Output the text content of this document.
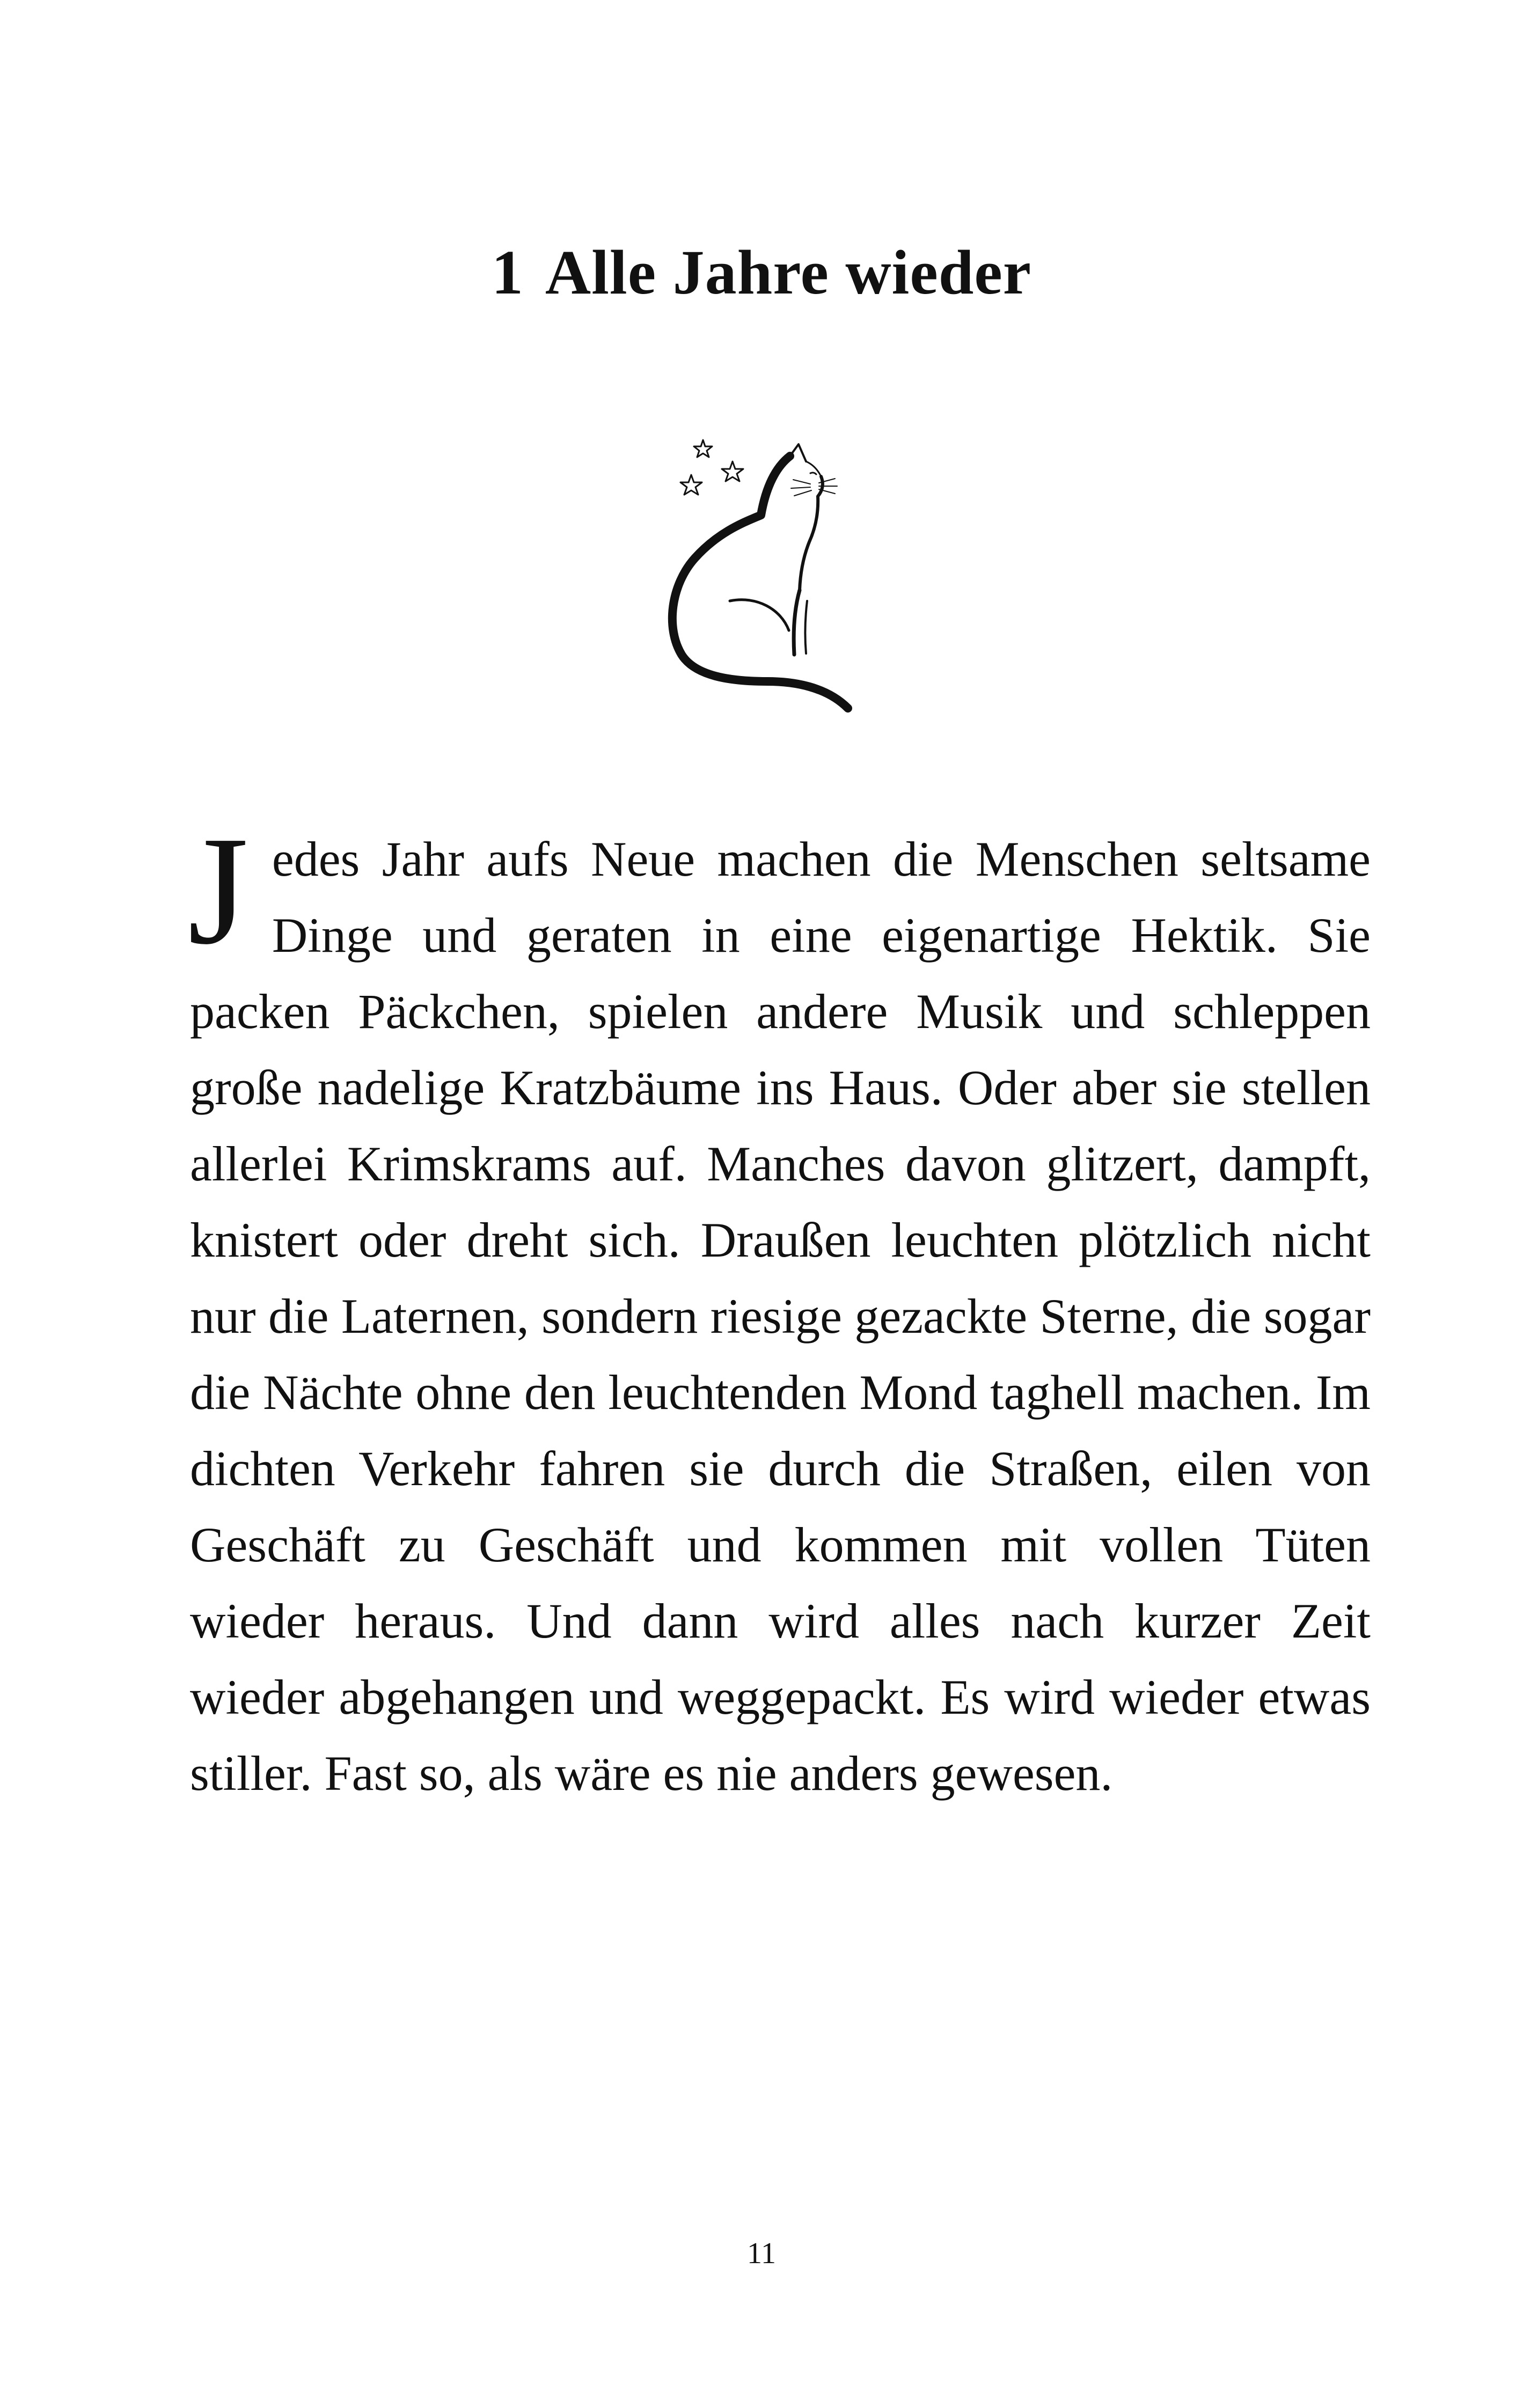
1 Alle Jahre wieder

Jedes Jahr aufs Neue machen die Menschen seltsame Dinge und geraten in eine eigenartige Hektik. Sie packen Päckchen, spielen andere Musik und schleppen große nadelige Kratzbäume ins Haus. Oder aber sie stellen allerlei Krimskrams auf. Manches davon glitzert, dampft, knistert oder dreht sich. Draußen leuchten plötzlich nicht nur die Laternen, sondern riesige gezackte Sterne, die sogar die Nächte ohne den leuchtenden Mond taghell machen. Im dichten Verkehr fahren sie durch die Straßen, eilen von Geschäft zu Geschäft und kommen mit vollen Tüten wieder heraus. Und dann wird alles nach kurzer Zeit wieder abgehangen und weggepackt. Es wird wieder etwas stiller. Fast so, als wäre es nie anders gewesen.

11
